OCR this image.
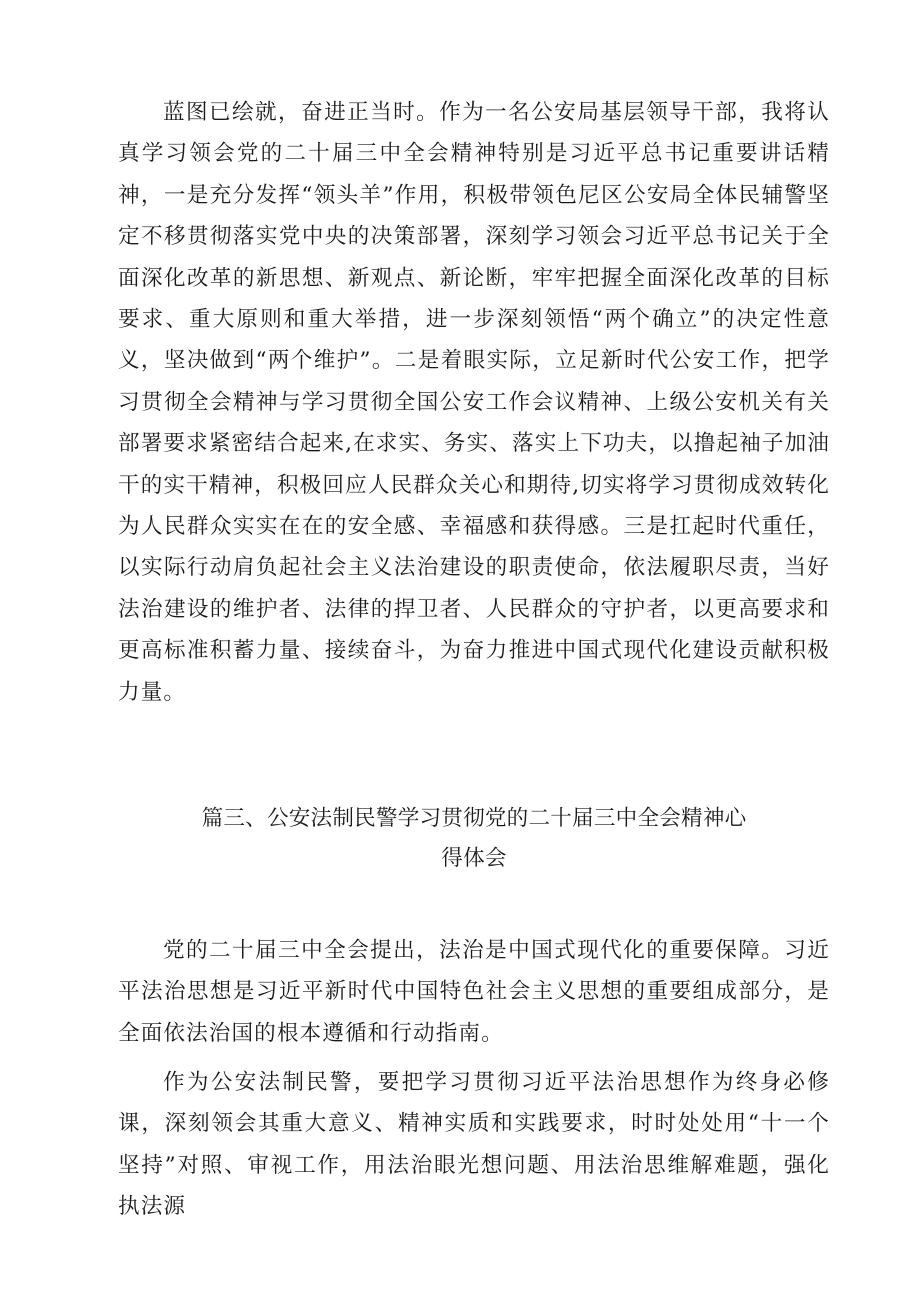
蓝图已绘就，奋进正当时。作为一名公安局基层领导干部，我将认真学习领会党的二十届三中全会精神特别是习近平总书记重要讲话精神，一是充分发挥“领头羊”作用，积极带领色尼区公安局全体民辅警坚定不移贯彻落实党中央的决策部署，深刻学习领会习近平总书记关于全面深化改革的新思想、新观点、新论断，牢牢把握全面深化改革的目标要求、重大原则和重大举措，进一步深刻领悟“两个确立”的决定性意义，坚决做到“两个维护”。二是着眼实际，立足新时代公安工作，把学习贯彻全会精神与学习贯彻全国公安工作会议精神、上级公安机关有关部署要求紧密结合起来,在求实、务实、落实上下功夫，以撸起袖子加油干的实干精神，积极回应人民群众关心和期待,切实将学习贯彻成效转化为人民群众实实在在的安全感、幸福感和获得感。三是扛起时代重任，以实际行动肩负起社会主义法治建设的职责使命，依法履职尽责，当好法治建设的维护者、法律的捍卫者、人民群众的守护者，以更高要求和更高标准积蓄力量、接续奋斗，为奋力推进中国式现代化建设贡献积极力量。

篇三、公安法制民警学习贯彻党的二十届三中全会精神心
得体会

党的二十届三中全会提出，法治是中国式现代化的重要保障。习近平法治思想是习近平新时代中国特色社会主义思想的重要组成部分，是全面依法治国的根本遵循和行动指南。

作为公安法制民警，要把学习贯彻习近平法治思想作为终身必修课，深刻领会其重大意义、精神实质和实践要求，时时处处用“十一个坚持”对照、审视工作，用法治眼光想问题、用法治思维解难题，强化执法源
